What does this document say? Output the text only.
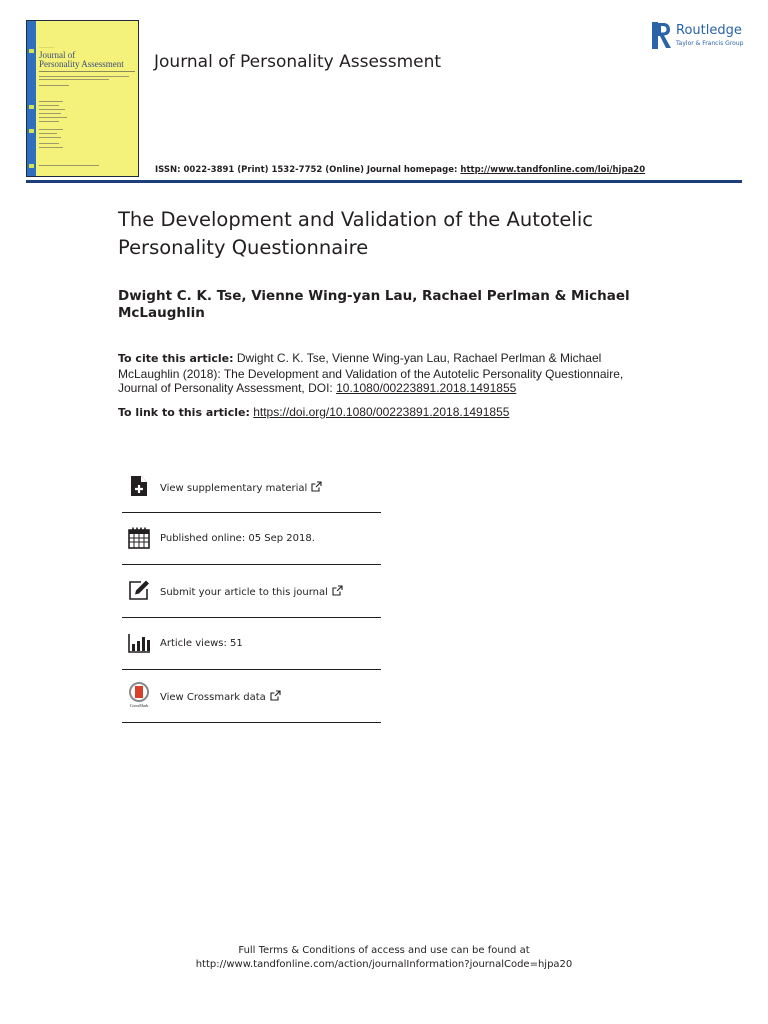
—————
Journal of
Personality Assessment	Journal of Personality Assessment
Routledge
Taylor & Francis Group
ISSN: 0022-3891 (Print) 1532-7752 (Online) Journal homepage: http://www.tandfonline.com/loi/hjpa20
The Development and Validation of the Autotelic Personality Questionnaire
Dwight C. K. Tse, Vienne Wing-yan Lau, Rachael Perlman & Michael McLaughlin
To cite this article: Dwight C. K. Tse, Vienne Wing-yan Lau, Rachael Perlman & Michael McLaughlin (2018): The Development and Validation of the Autotelic Personality Questionnaire, Journal of Personality Assessment, DOI: 10.1080/00223891.2018.1491855
To link to this article: https://doi.org/10.1080/00223891.2018.1491855
View supplementary material
Published online: 05 Sep 2018.
Submit your article to this journal
Article views: 51
CrossMark
View Crossmark data
Full Terms & Conditions of access and use can be found at
http://www.tandfonline.com/action/journalInformation?journalCode=hjpa20
